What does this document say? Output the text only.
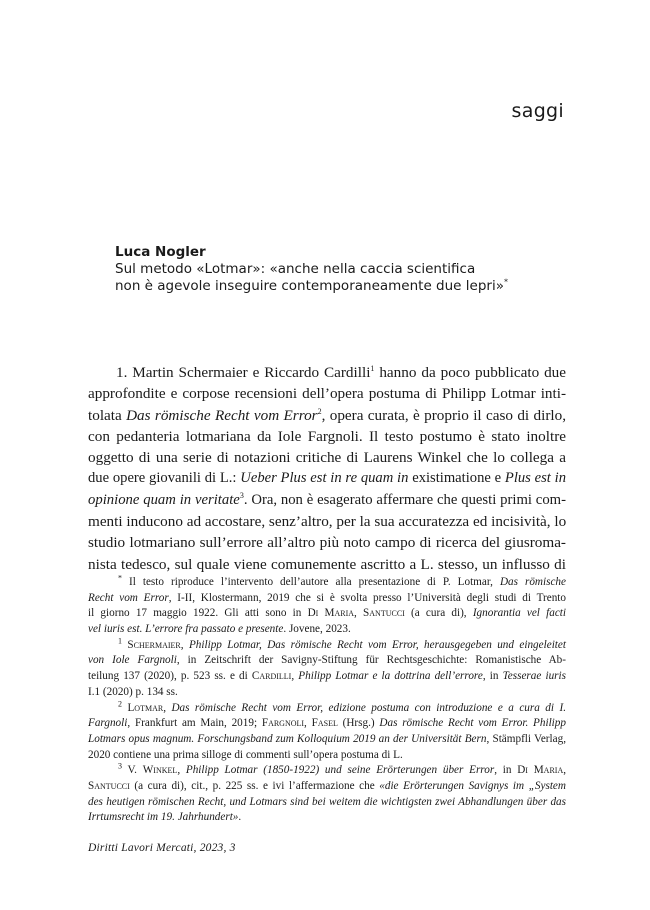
saggi
Luca Nogler
Sul metodo «Lotmar»: «anche nella caccia scientifica
non è agevole inseguire contemporaneamente due lepri»*
1. Martin Schermaier e Riccardo Cardilli$^1$ hanno da poco pubblicato due
approfondite e corpose recensioni dell’opera postuma di Philipp Lotmar inti-
tolata Das römische Recht vom Error$^2$, opera curata, è proprio il caso di dirlo,
con pedanteria lotmariana da Iole Fargnoli. Il testo postumo è stato inoltre
oggetto di una serie di notazioni critiche di Laurens Winkel che lo collega a
due opere giovanili di L.: Ueber Plus est in re quam in existimatione e Plus est in
opinione quam in veritate$^3$. Ora, non è esagerato affermare che questi primi com-
menti inducono ad accostare, senz’altro, per la sua accuratezza ed incisività, lo
studio lotmariano sull’errore all’altro più noto campo di ricerca del giusroma-
nista tedesco, sul quale viene comunemente ascritto a L. stesso, un influsso di
* Il testo riproduce l’intervento dell’autore alla presentazione di P. Lotmar, Das römische
Recht vom Error, I-II, Klostermann, 2019 che si è svolta presso l’Università degli studi di Trento
il giorno 17 maggio 1922. Gli atti sono in Di Maria, Santucci (a cura di), Ignorantia vel facti
vel iuris est. L’errore fra passato e presente. Jovene, 2023.
$^1$ Schermaier, Philipp Lotmar, Das römische Recht vom Error, herausgegeben und eingeleitet
von Iole Fargnoli, in Zeitschrift der Savigny-Stiftung für Rechtsgeschichte: Romanistische Ab-
teilung 137 (2020), p. 523 ss. e di Cardilli, Philipp Lotmar e la dottrina dell’errore, in Tesserae iuris
I.1 (2020) p. 134 ss.
$^2$ Lotmar, Das römische Recht vom Error, edizione postuma con introduzione e a cura di I.
Fargnoli, Frankfurt am Main, 2019; Fargnoli, Fasel (Hrsg.) Das römische Recht vom Error. Philipp
Lotmars opus magnum. Forschungsband zum Kolloquium 2019 an der Universität Bern, Stämpfli Verlag,
2020 contiene una prima silloge di commenti sull’opera postuma di L.
$^3$ V. Winkel, Philipp Lotmar (1850-1922) und seine Erörterungen über Error, in Di Maria,
Santucci (a cura di), cit., p. 225 ss. e ivi l’affermazione che «die Erörterungen Savignys im „System
des heutigen römischen Recht, und Lotmars sind bei weitem die wichtigsten zwei Abhandlungen über das
Irrtumsrecht im 19. Jahrhundert».
Diritti Lavori Mercati, 2023, 3
